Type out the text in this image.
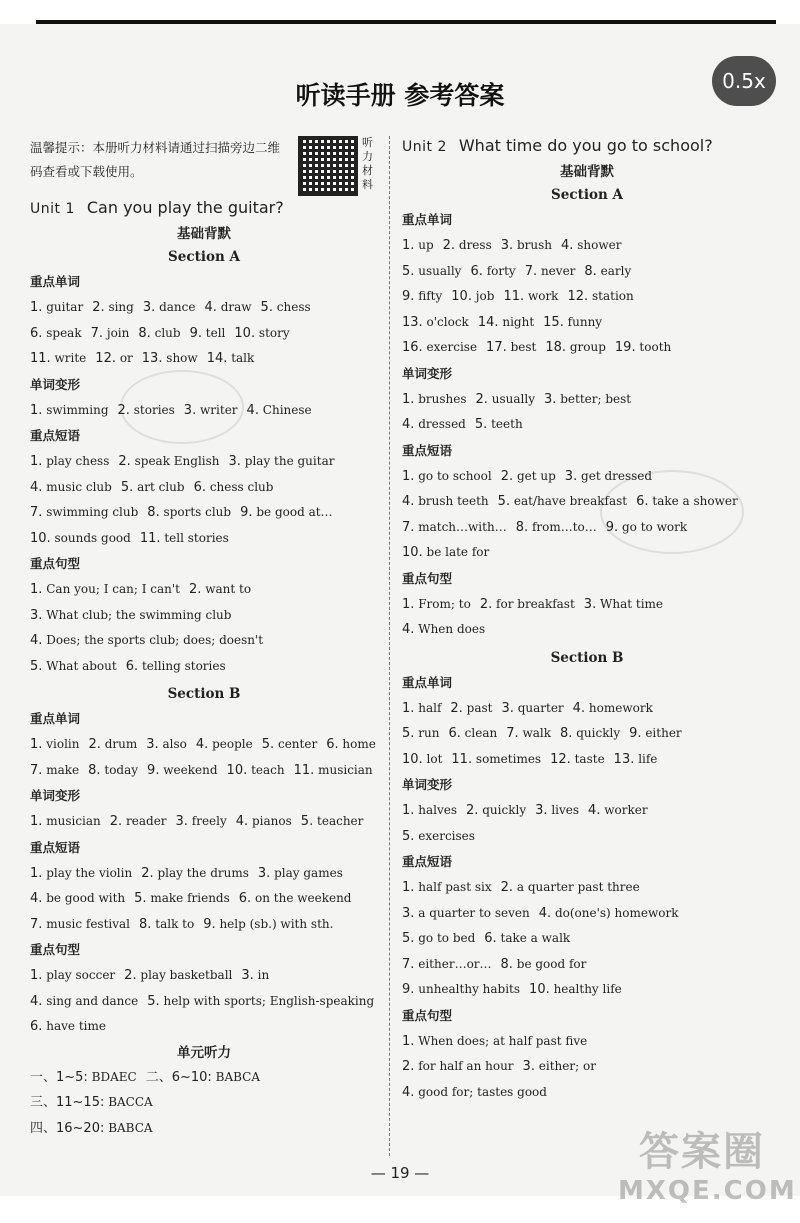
0.5x
听读手册 参考答案
温馨提示：本册听力材料请通过扫描旁边二维码查看或下载使用。
听力材料
Unit 1 Can you play the guitar?
基础背默
Section A
重点单词
1. guitar 2. sing 3. dance 4. draw 5. chess
6. speak 7. join 8. club 9. tell 10. story
11. write 12. or 13. show 14. talk
单词变形
1. swimming 2. stories 3. writer 4. Chinese
重点短语
1. play chess 2. speak English 3. play the guitar
4. music club 5. art club 6. chess club
7. swimming club 8. sports club 9. be good at…
10. sounds good 11. tell stories
重点句型
1. Can you; I can; I can't 2. want to
3. What club; the swimming club
4. Does; the sports club; does; doesn't
5. What about 6. telling stories
Section B
重点单词
1. violin 2. drum 3. also 4. people 5. center 6. home
7. make 8. today 9. weekend 10. teach 11. musician
单词变形
1. musician 2. reader 3. freely 4. pianos 5. teacher
重点短语
1. play the violin 2. play the drums 3. play games
4. be good with 5. make friends 6. on the weekend
7. music festival 8. talk to 9. help (sb.) with sth.
重点句型
1. play soccer 2. play basketball 3. in
4. sing and dance 5. help with sports; English-speaking
6. have time
单元听力
一、1~5: BDAEC 二、6~10: BABCA
三、11~15: BACCA
四、16~20: BABCA
Unit 2 What time do you go to school?
基础背默
Section A
重点单词
1. up 2. dress 3. brush 4. shower
5. usually 6. forty 7. never 8. early
9. fifty 10. job 11. work 12. station
13. o'clock 14. night 15. funny
16. exercise 17. best 18. group 19. tooth
单词变形
1. brushes 2. usually 3. better; best
4. dressed 5. teeth
重点短语
1. go to school 2. get up 3. get dressed
4. brush teeth 5. eat/have breakfast 6. take a shower
7. match…with… 8. from…to… 9. go to work
10. be late for
重点句型
1. From; to 2. for breakfast 3. What time
4. When does
Section B
重点单词
1. half 2. past 3. quarter 4. homework
5. run 6. clean 7. walk 8. quickly 9. either
10. lot 11. sometimes 12. taste 13. life
单词变形
1. halves 2. quickly 3. lives 4. worker
5. exercises
重点短语
1. half past six 2. a quarter past three
3. a quarter to seven 4. do(one's) homework
5. go to bed 6. take a walk
7. either…or… 8. be good for
9. unhealthy habits 10. healthy life
重点句型
1. When does; at half past five
2. for half an hour 3. either; or
4. good for; tastes good
— 19 —	答案圈
MXQE.COM
